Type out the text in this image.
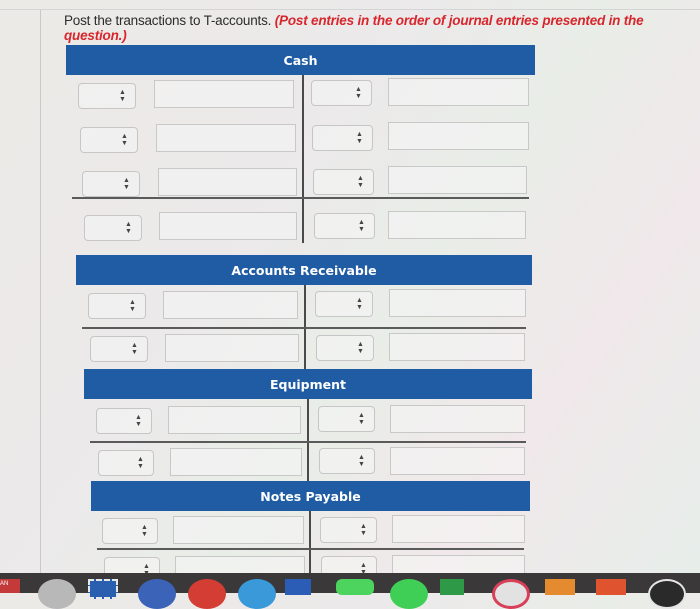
Post the transactions to T-accounts. (Post entries in the order of journal entries presented in the question.)
Cash
▲
▼
▲
▼
▲
▼
▲
▼
▲
▼
▲
▼
▲
▼
▲
▼
Accounts Receivable
▲
▼
▲
▼
▲
▼
▲
▼
Equipment
▲
▼
▲
▼
▲
▼
▲
▼
Notes Payable
▲
▼
▲
▼
▲	▲

AN
